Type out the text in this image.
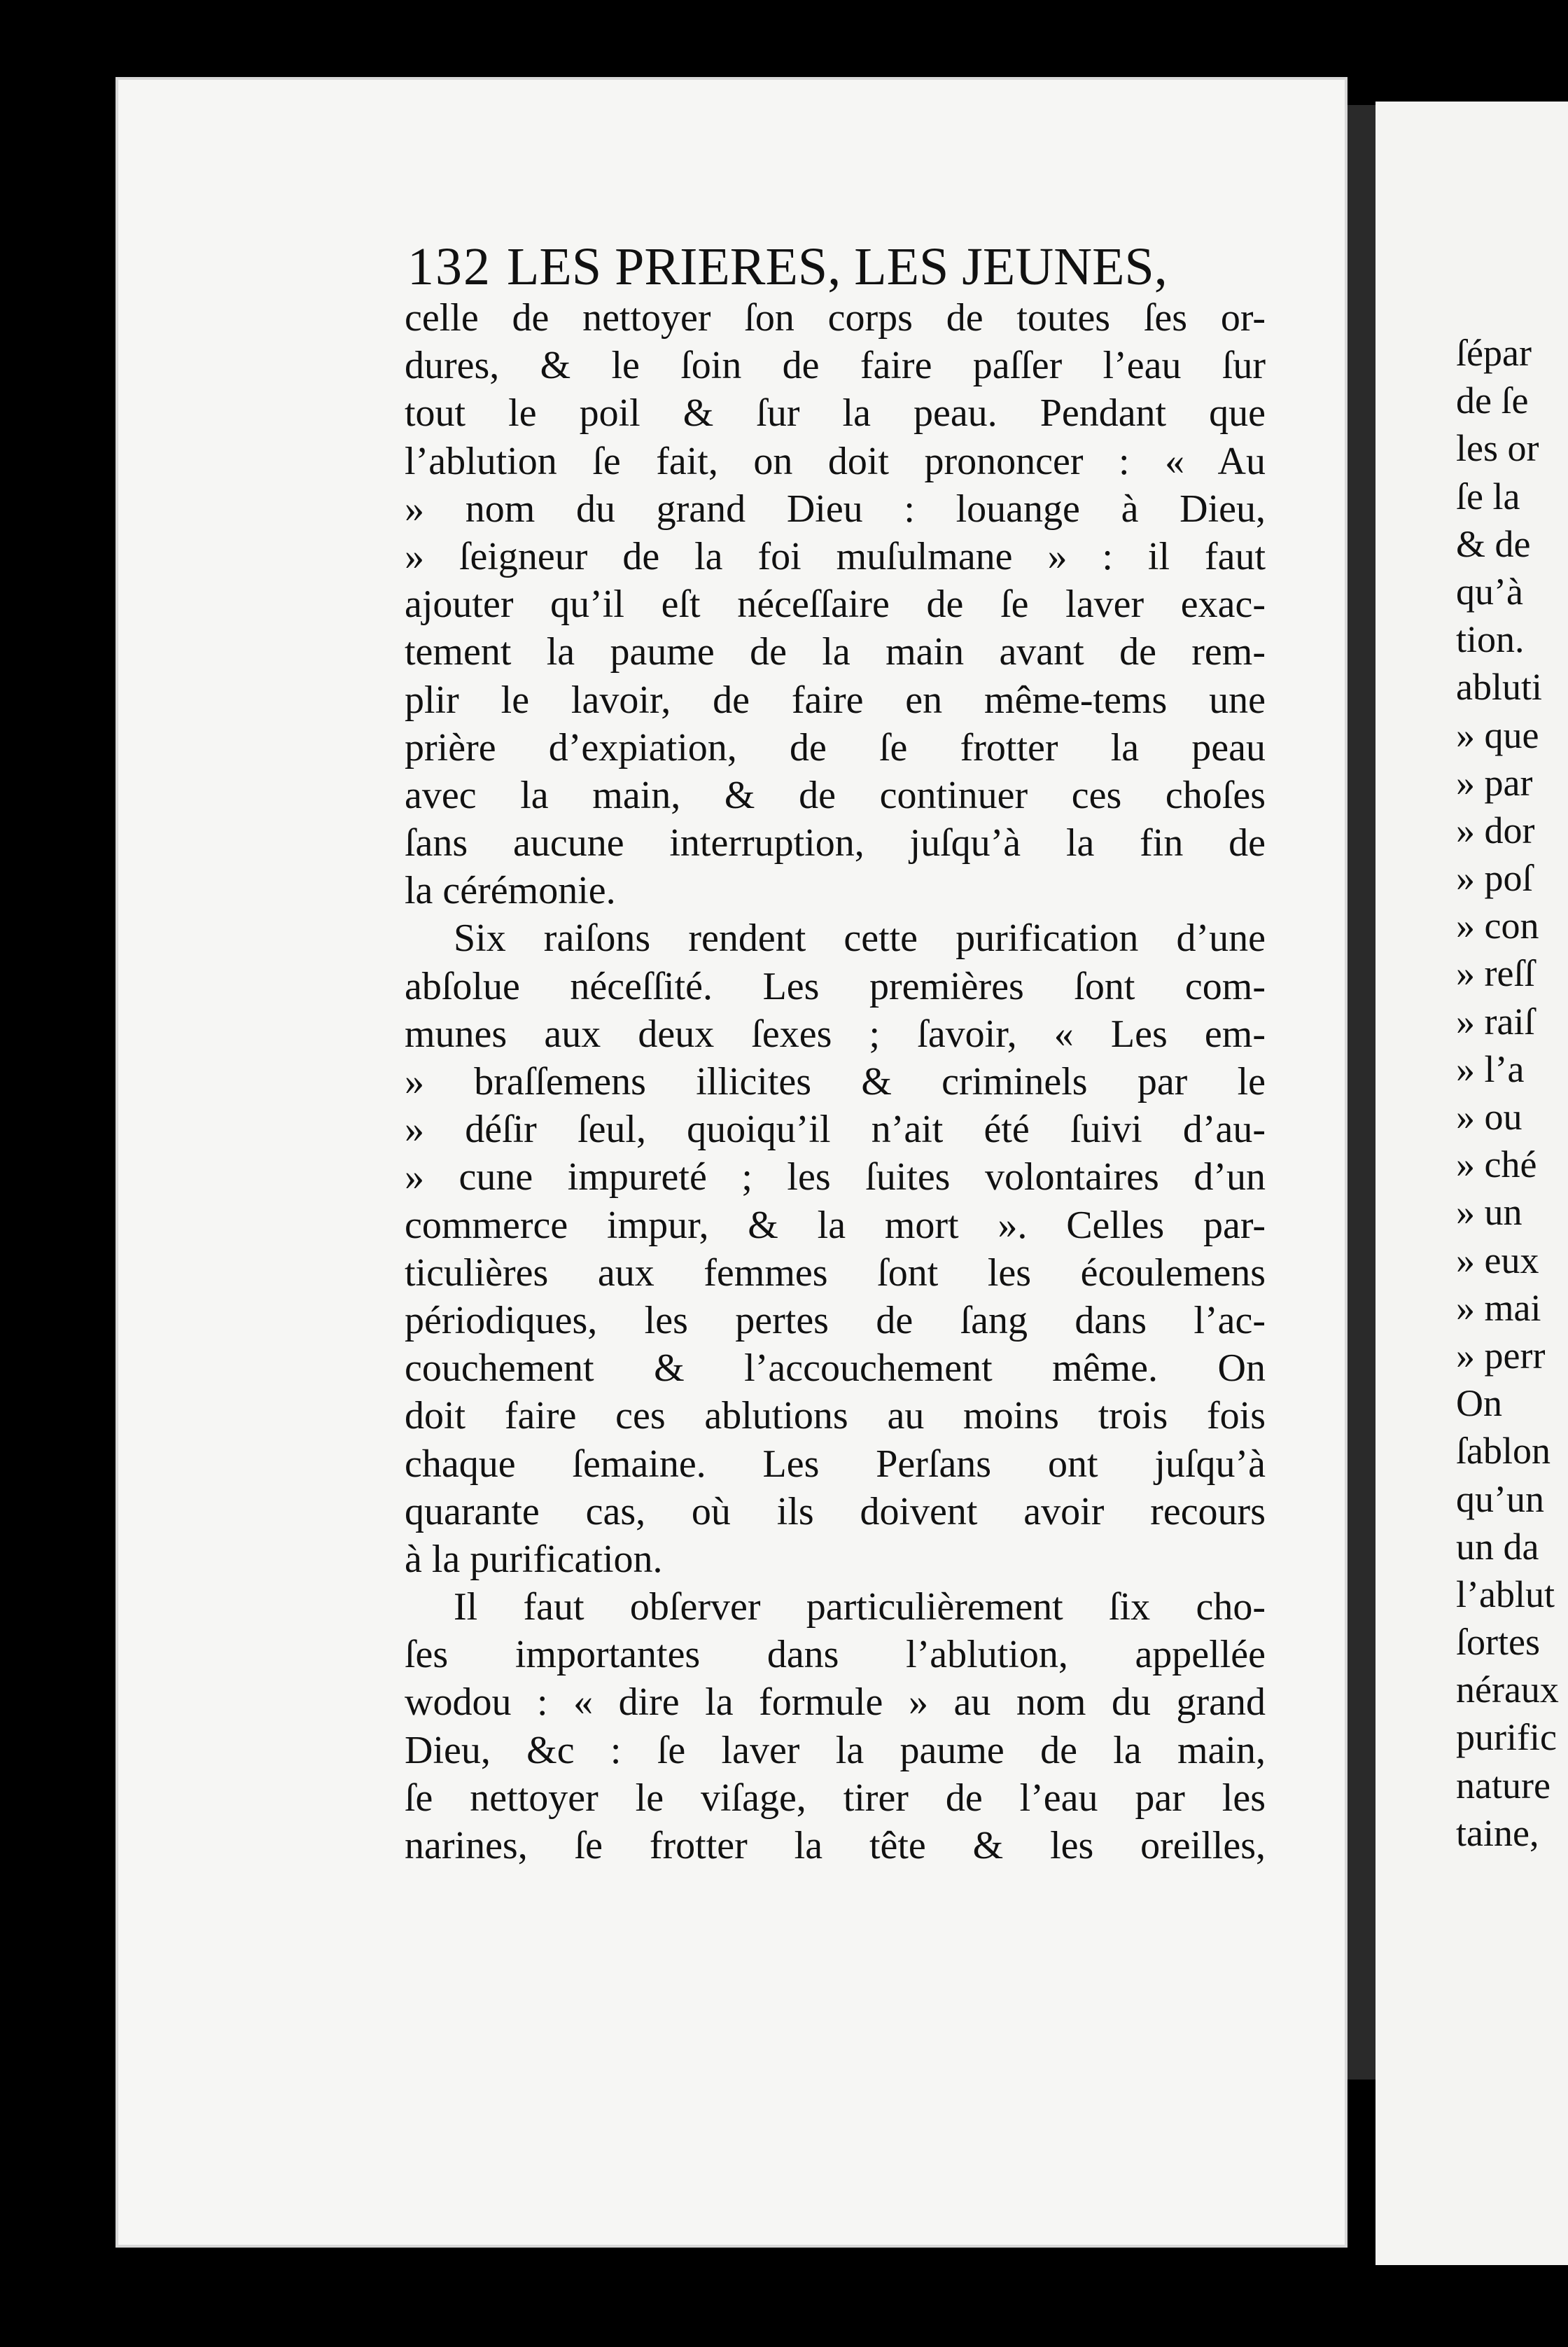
132 LES PRIERES, LES JEUNES,
celle de nettoyer ſon corps de toutes ſes or-
dures, & le ſoin de faire paſſer l’eau ſur
tout le poil & ſur la peau. Pendant que
l’ablution ſe fait, on doit prononcer : « Au
» nom du grand Dieu : louange à Dieu,
» ſeigneur de la foi muſulmane » : il faut
ajouter qu’il eſt néceſſaire de ſe laver exac-
tement la paume de la main avant de rem-
plir le lavoir, de faire en même-tems une
prière d’expiation, de ſe frotter la peau
avec la main, & de continuer ces choſes
ſans aucune interruption, juſqu’à la fin de
la cérémonie.
Six raiſons rendent cette purification d’une
abſolue néceſſité. Les premières ſont com-
munes aux deux ſexes ; ſavoir, « Les em-
» braſſemens illicites & criminels par le
» déſir ſeul, quoiqu’il n’ait été ſuivi d’au-
» cune impureté ; les ſuites volontaires d’un
commerce impur, & la mort ». Celles par-
ticulières aux femmes ſont les écoulemens
périodiques, les pertes de ſang dans l’ac-
couchement & l’accouchement même. On
doit faire ces ablutions au moins trois fois
chaque ſemaine. Les Perſans ont juſqu’à
quarante cas, où ils doivent avoir recours
à la purification.
Il faut obſerver particulièrement ſix cho-
ſes importantes dans l’ablution, appellée
wodou : « dire la formule » au nom du grand
Dieu, &c : ſe laver la paume de la main,
ſe nettoyer le viſage, tirer de l’eau par les
narines, ſe frotter la tête & les oreilles,
ſépar
de ſe
les or
ſe la
& de
qu’à
tion.
abluti
» que
» par
» dor
» poſ
» con
» reſſ
» raiſ
» l’a
» ou
» ché
» un
» eux
» mai
» perr
On
ſablon
qu’un
un da
l’ablut
ſortes
néraux
purific
nature
taine,
